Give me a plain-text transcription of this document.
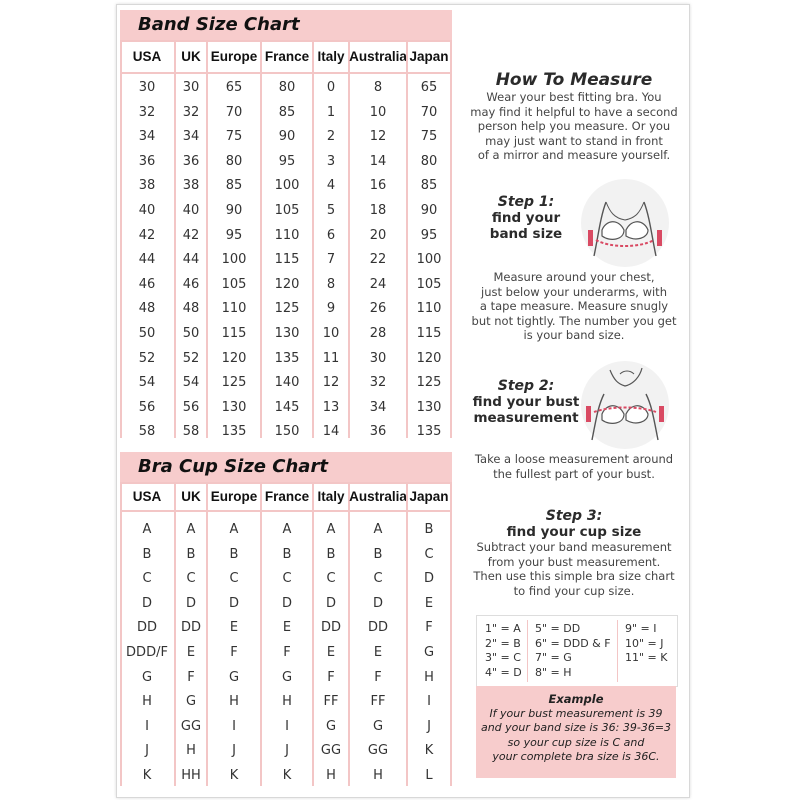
Band Size Chart
USA
30
32
34
36
38
40
42
44
46
48
50
52
54
56
58
UK
30
32
34
36
38
40
42
44
46
48
50
52
54
56
58
Europe
65
70
75
80
85
90
95
100
105
110
115
120
125
130
135
France
80
85
90
95
100
105
110
115
120
125
130
135
140
145
150
Italy
0
1
2
3
4
5
6
7
8
9
10
11
12
13
14
Australia
8
10
12
14
16
18
20
22
24
26
28
30
32
34
36
Japan
65
70
75
80
85
90
95
100
105
110
115
120
125
130
135
Bra Cup Size Chart
USA
A
B
C
D
DD
DDD/F
G
H
I
J
K
UK
A
B
C
D
DD
E
F
G
GG
H
HH
Europe
A
B
C
D
E
F
G
H
I
J
K
France
A
B
C
D
E
F
G
H
I
J
K
Italy
A
B
C
D
DD
E
F
FF
G
GG
H
Australia
A
B
C
D
DD
E
F
FF
G
GG
H
Japan
B
C
D
E
F
G
H
I
J
K
L
How To Measure
Wear your best fitting bra. You
may find it helpful to have a second
person help you measure. Or you
may just want to stand in front
of a mirror and measure yourself.
Step 1:
find your
band size
Measure around your chest,
just below your underarms, with
a tape measure. Measure snugly
but not tightly. The number you get
is your band size.
Step 2:
find your bust
measurement
Take a loose measurement around
the fullest part of your bust.
Step 3:
find your cup size
Subtract your band measurement
from your bust measurement.
Then use this simple bra size chart
to find your cup size.
1" = A
2" = B
3" = C
4" = D
5" = DD
6" = DDD & F
7" = G
8" = H
9" = I
10" = J
11" = K
Example
If your bust measurement is 39
and your band size is 36: 39-36=3
so your cup size is C and
your complete bra size is 36C.
